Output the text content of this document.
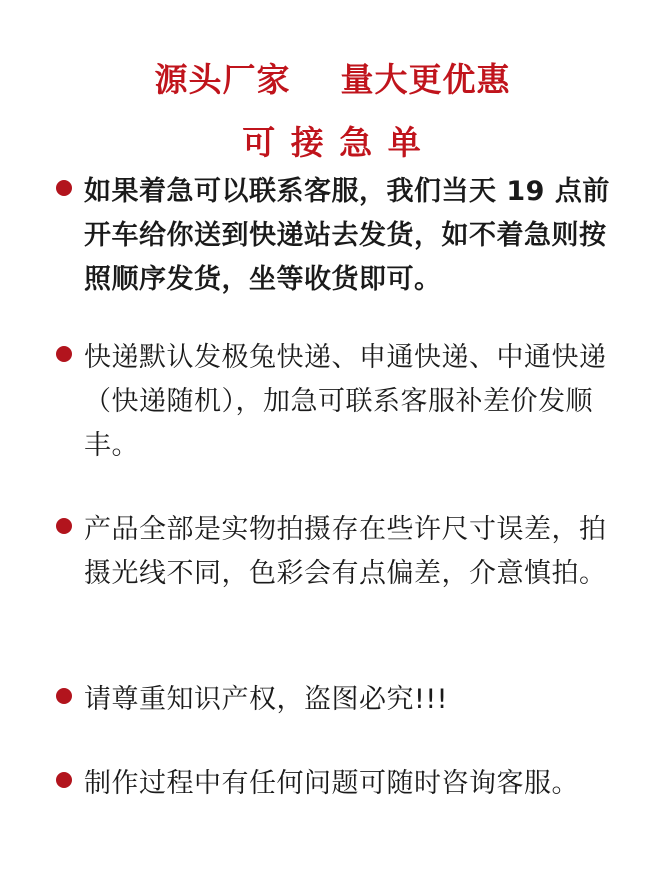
源头厂家    量大更优惠
可 接 急 单
如果着急可以联系客服，我们当天 19 点前开车给你送到快递站去发货，如不着急则按照顺序发货，坐等收货即可。
快递默认发极兔快递、申通快递、中通快递（快递随机），加急可联系客服补差价发顺丰。
产品全部是实物拍摄存在些许尺寸误差，拍摄光线不同，色彩会有点偏差，介意慎拍。
请尊重知识产权，盗图必究!!!
制作过程中有任何问题可随时咨询客服。
